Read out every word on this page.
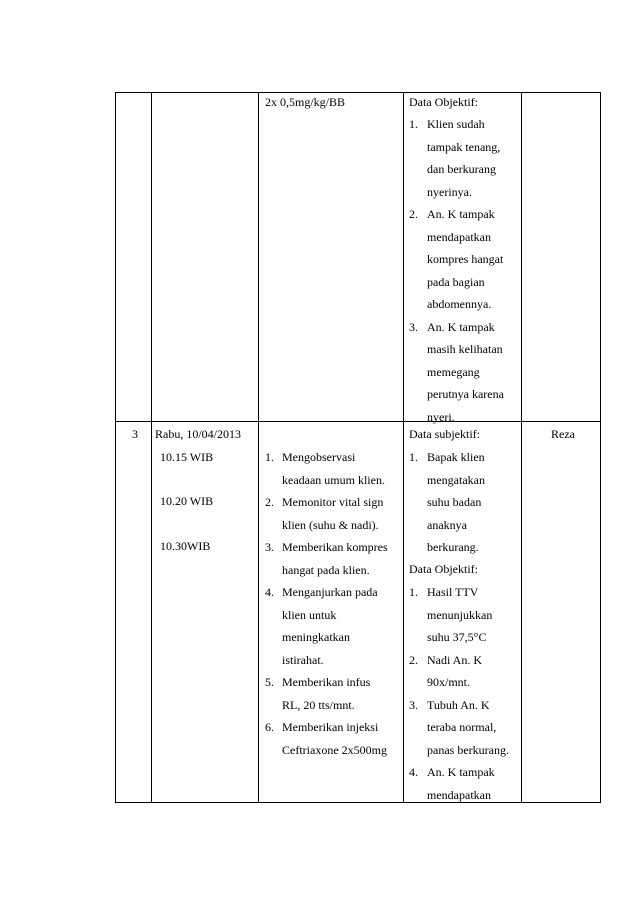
2x 0,5mg/kg/BB	Data Objektif:
1. Klien sudah
tampak tenang,
dan berkurang
nyerinya.
2. An. K tampak
mendapatkan
kompres hangat
pada bagian
abdomennya.
3. An. K tampak
masih kelihatan
memegang
perutnya karena
nyeri.
3 Rabu, 10/04/2013
10.15 WIB
10.20 WIB
10.30WIB
1. Mengobservasi
keadaan umum klien.
2. Memonitor vital sign
klien (suhu & nadi).
3. Memberikan kompres
hangat pada klien.
4. Menganjurkan pada
klien untuk
meningkatkan
istirahat.
5. Memberikan infus
RL, 20 tts/mnt.
6. Memberikan injeksi
Ceftriaxone 2x500mg
Data subjektif:
1. Bapak klien
mengatakan
suhu badan
anaknya
berkurang.
Data Objektif:
1. Hasil TTV
menunjukkan
suhu 37,5°C
2. Nadi An. K
90x/mnt.
3. Tubuh An. K
teraba normal,
panas berkurang.
4. An. K tampak
mendapatkan
Reza
